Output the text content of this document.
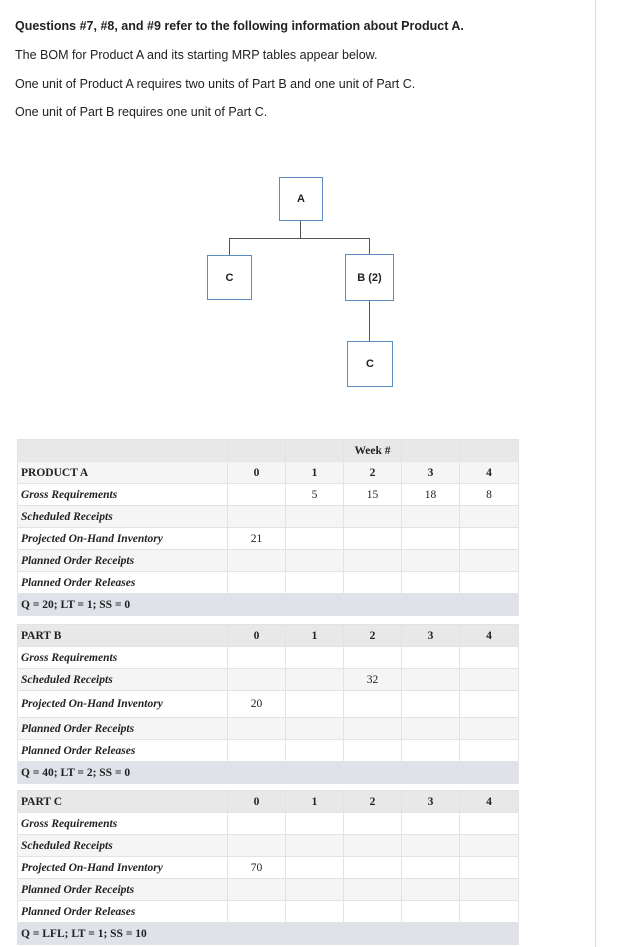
Questions #7, #8, and #9 refer to the following information about Product A.
The BOM for Product A and its starting MRP tables appear below.
One unit of Product A requires two units of Part B and one unit of Part C.
One unit of Part B requires one unit of Part C.
A
C	B (2)
C
			Week #		
PRODUCT A	0	1	2	3	4
Gross Requirements		5	15	18	8
Scheduled Receipts					
Projected On-Hand Inventory	21				
Planned Order Receipts					
Planned Order Releases					
Q = 20; LT = 1; SS = 0					
PART B	0	1	2	3	4
Gross Requirements					
Scheduled Receipts			32		
Projected On-Hand Inventory	20				
Planned Order Receipts					
Planned Order Releases					
Q = 40; LT = 2; SS = 0					
PART C	0	1	2	3	4
Gross Requirements					
Scheduled Receipts					
Projected On-Hand Inventory	70				
Planned Order Receipts					
Planned Order Releases					
Q = LFL; LT = 1; SS = 10					
